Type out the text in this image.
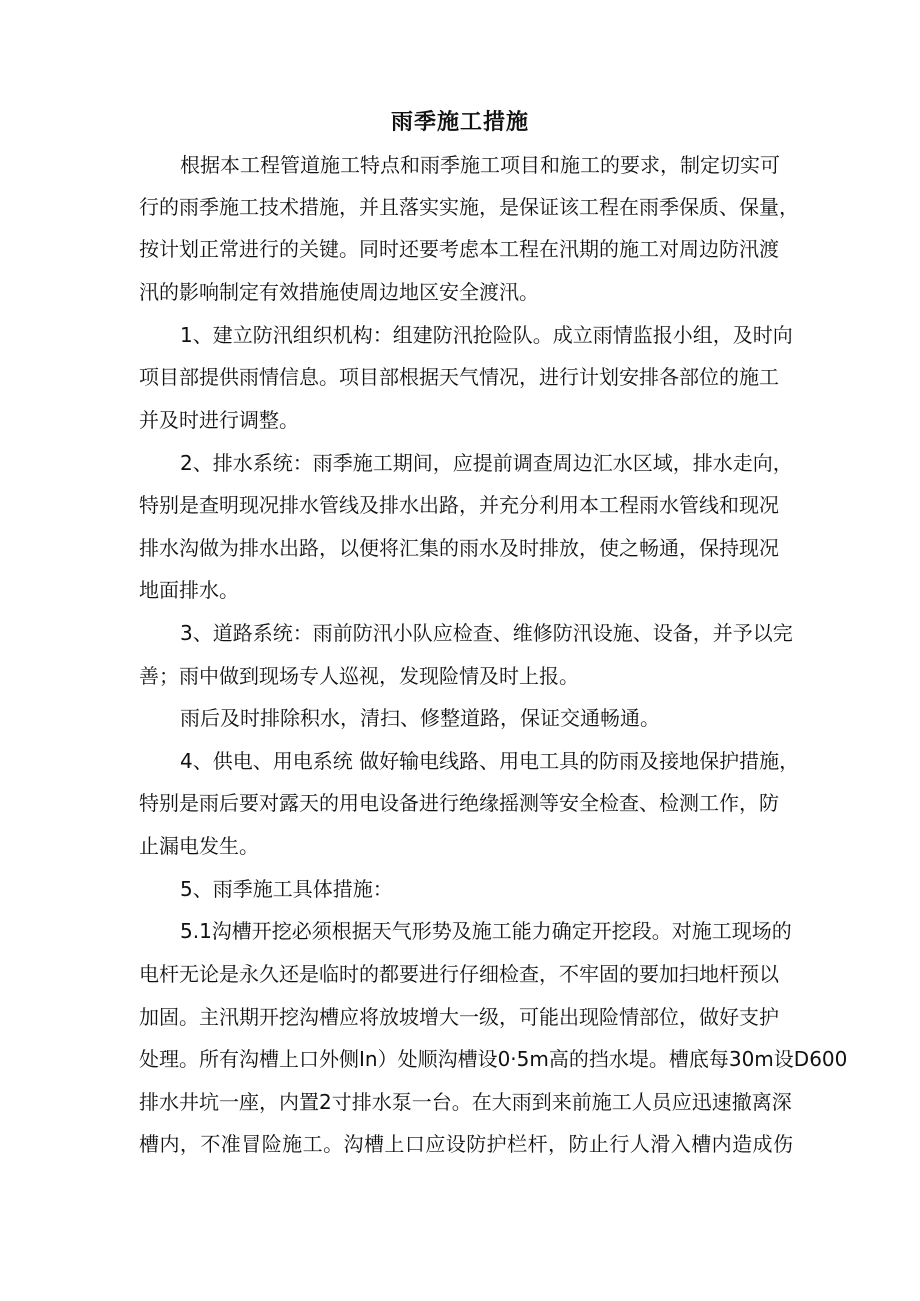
雨季施工措施
根据本工程管道施工特点和雨季施工项目和施工的要求，制定切实可
行的雨季施工技术措施，并且落实实施，是保证该工程在雨季保质、保量，
按计划正常进行的关键。同时还要考虑本工程在汛期的施工对周边防汛渡
汛的影响制定有效措施使周边地区安全渡汛。
1、建立防汛组织机构：组建防汛抢险队。成立雨情监报小组，及时向
项目部提供雨情信息。项目部根据天气情况，进行计划安排各部位的施工
并及时进行调整。
2、排水系统：雨季施工期间，应提前调查周边汇水区域，排水走向，
特别是查明现况排水管线及排水出路，并充分利用本工程雨水管线和现况
排水沟做为排水出路，以便将汇集的雨水及时排放，使之畅通，保持现况
地面排水。
3、道路系统：雨前防汛小队应检查、维修防汛设施、设备，并予以完
善；雨中做到现场专人巡视，发现险情及时上报。
雨后及时排除积水，清扫、修整道路，保证交通畅通。
4、供电、用电系统 做好输电线路、用电工具的防雨及接地保护措施，
特别是雨后要对露天的用电设备进行绝缘摇测等安全检查、检测工作，防
止漏电发生。
5、雨季施工具体措施：
5.1沟槽开挖必须根据天气形势及施工能力确定开挖段。对施工现场的
电杆无论是永久还是临时的都要进行仔细检查，不牢固的要加扫地杆预以
加固。主汛期开挖沟槽应将放坡增大一级，可能出现险情部位，做好支护
处理。所有沟槽上口外侧In）处顺沟槽设0·5m高的挡水堤。槽底每30m设D600
排水井坑一座，内置2寸排水泵一台。在大雨到来前施工人员应迅速撤离深
槽内，不准冒险施工。沟槽上口应设防护栏杆，防止行人滑入槽内造成伤
